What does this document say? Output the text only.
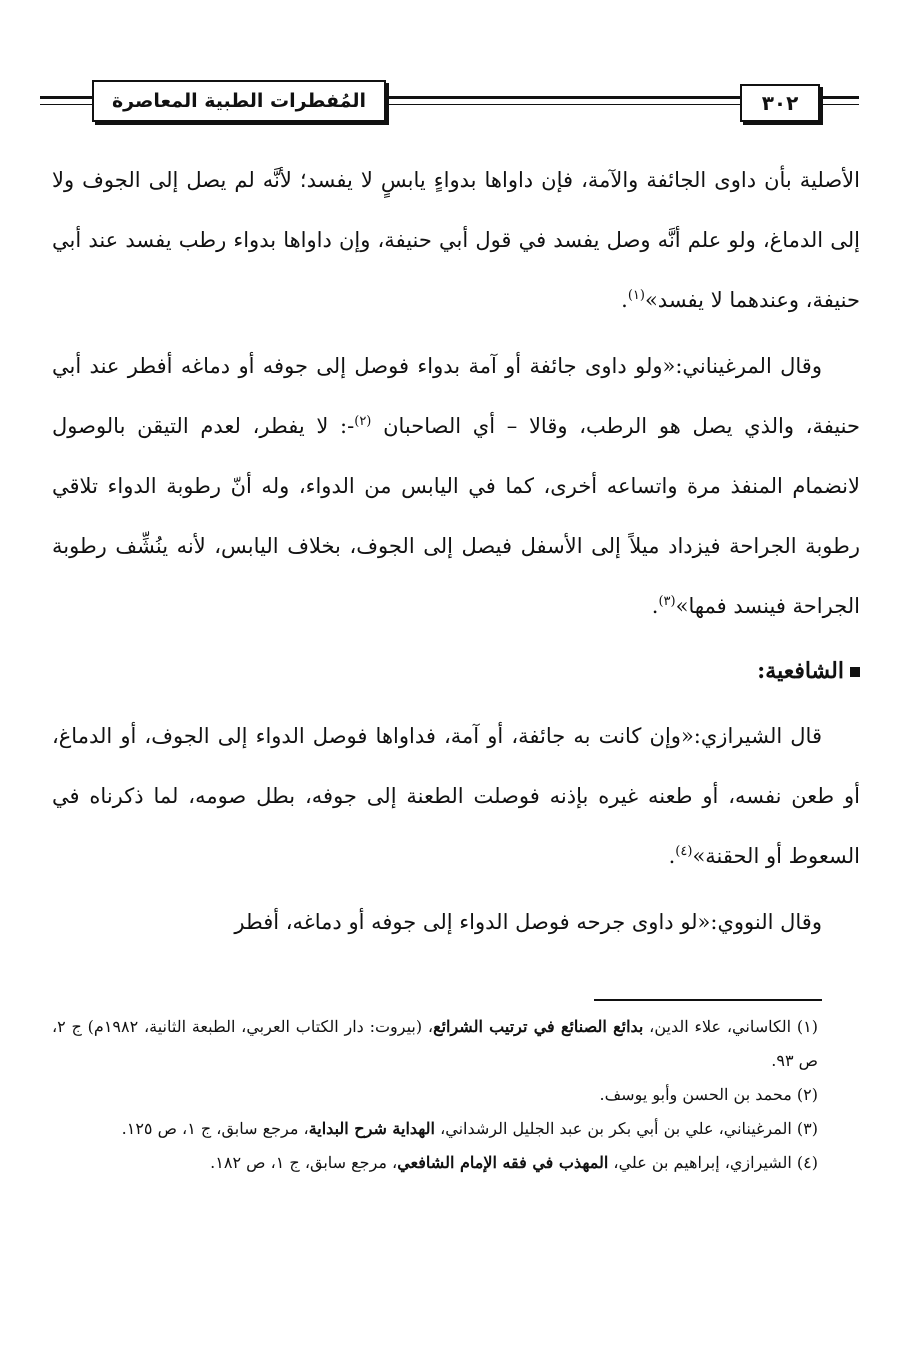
المُفطرات الطبية المعاصرة	٣٠٢

الأصلية بأن داوى الجائفة والآمة، فإن داواها بدواءٍ يابسٍ لا يفسد؛ لأنَّه لم يصل إلى الجوف ولا إلى الدماغ، ولو علم أنَّه وصل يفسد في قول أبي حنيفة، وإن داواها بدواء رطب يفسد عند أبي حنيفة، وعندهما لا يفسد»$^{(١)}$.

وقال المرغيناني:«ولو داوى جائفة أو آمة بدواء فوصل إلى جوفه أو دماغه أفطر عند أبي حنيفة، والذي يصل هو الرطب، وقالا – أي الصاحبان $^{(٢)}$-: لا يفطر، لعدم التيقن بالوصول لانضمام المنفذ مرة واتساعه أخرى، كما في اليابس من الدواء، وله أنّ رطوبة الدواء تلاقي رطوبة الجراحة فيزداد ميلاً إلى الأسفل فيصل إلى الجوف، بخلاف اليابس، لأنه ينُشِّف رطوبة الجراحة فينسد فمها»$^{(٣)}$.

الشافعية:

قال الشيرازي:«وإن كانت به جائفة، أو آمة، فداواها فوصل الدواء إلى الجوف، أو الدماغ، أو طعن نفسه، أو طعنه غيره بإذنه فوصلت الطعنة إلى جوفه، بطل صومه، لما ذكرناه في السعوط أو الحقنة»$^{(٤)}$.

وقال النووي:«لو داوى جرحه فوصل الدواء إلى جوفه أو دماغه، أفطر

(١) الكاساني، علاء الدين، بدائع الصنائع في ترتيب الشرائع، (بيروت: دار الكتاب العربي، الطبعة الثانية، ١٩٨٢م) ج ٢، ص ٩٣.

(٢) محمد بن الحسن وأبو يوسف.

(٣) المرغيناني، علي بن أبي بكر بن عبد الجليل الرشداني، الهداية شرح البداية، مرجع سابق، ج ١، ص ١٢٥.

(٤) الشيرازي، إبراهيم بن علي، المهذب في فقه الإمام الشافعي، مرجع سابق، ج ١، ص ١٨٢.
